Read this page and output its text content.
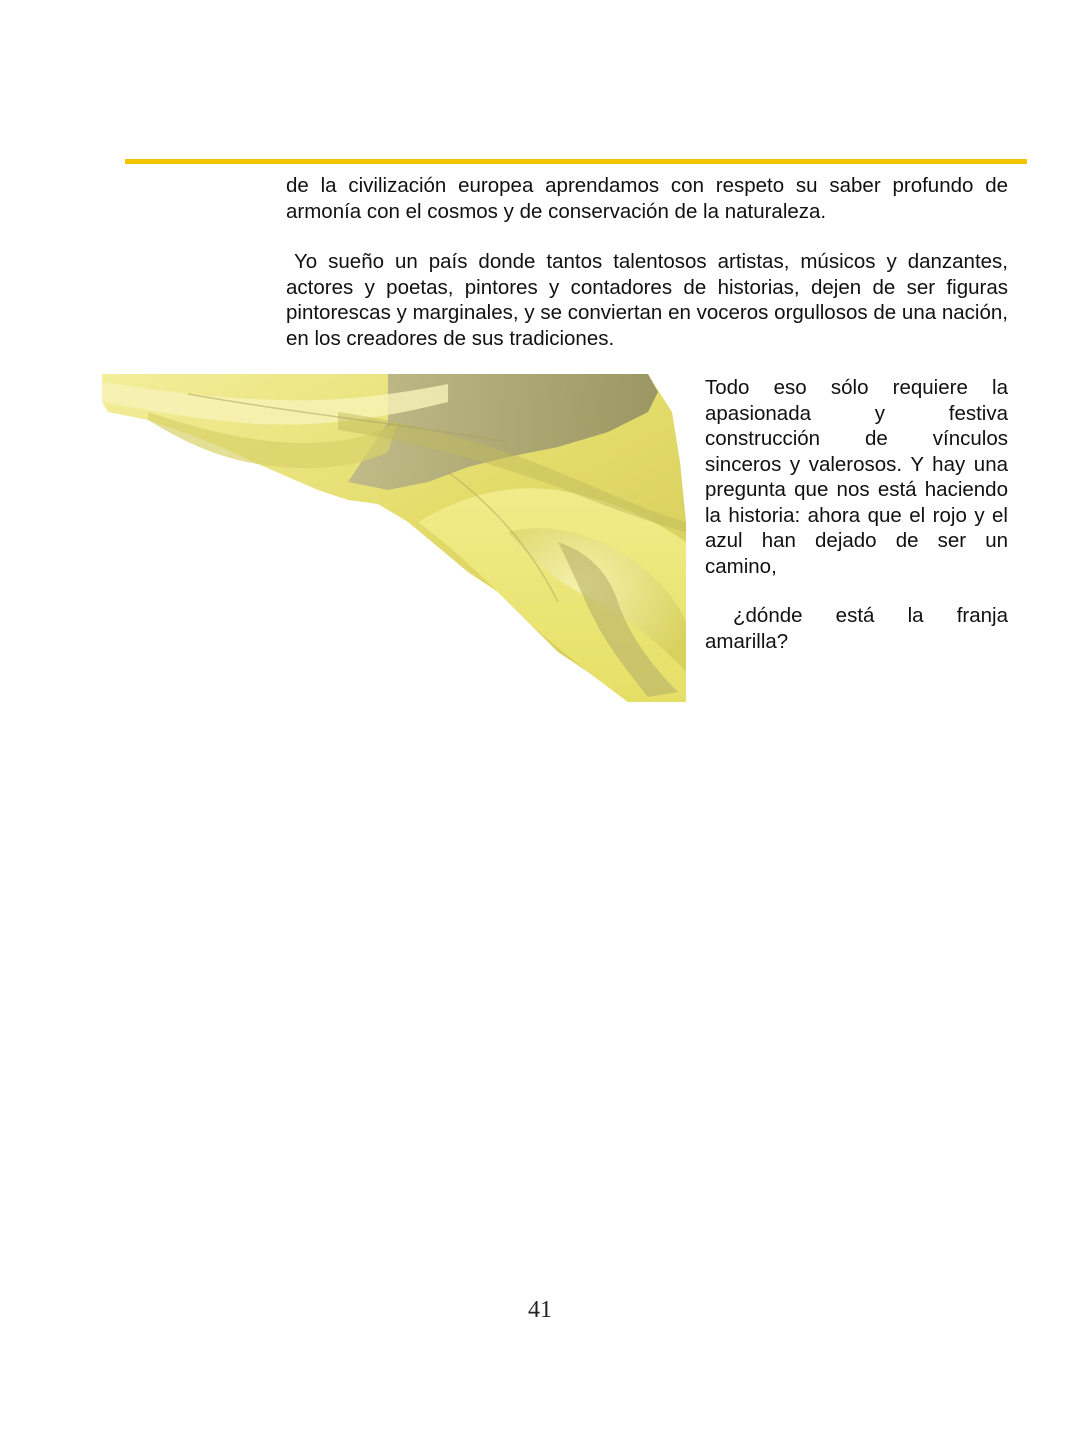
de la civilización europea aprendamos con respeto su saber profundo de armonía con el cosmos y de conservación de la naturaleza.

Yo sueño un país donde tantos talentosos artistas, músicos y danzantes, actores y poetas, pintores y contadores de historias, dejen de ser figuras pintorescas y marginales, y se conviertan en voceros orgullosos de una nación, en los creadores de sus tradiciones.

Todo eso sólo requiere la apasionada y festiva construcción de vínculos sinceros y valerosos. Y hay una pregunta que nos está haciendo la historia: ahora que el rojo y el azul han dejado de ser un camino,

¿dónde está la franja amarilla?

41
